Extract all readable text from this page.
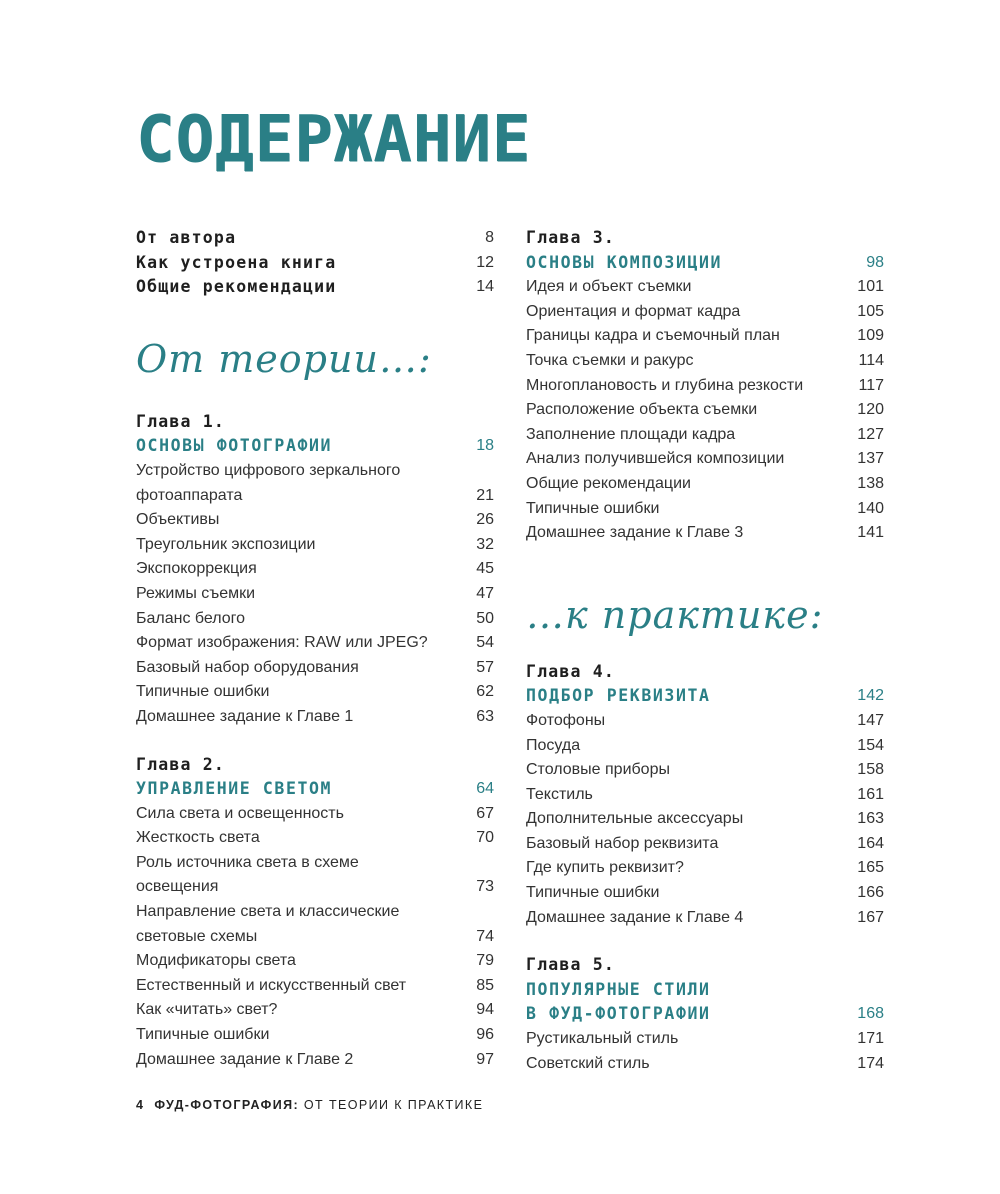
СОДЕРЖАНИЕ
От автора	8
Как устроена книга	12
Общие рекомендации	14
От теории…:
Глава 1.
ОСНОВЫ ФОТОГРАФИИ	18
Устройство цифрового зеркального
фотоаппарата	21
Объективы	26
Треугольник экспозиции	32
Экспокоррекция	45
Режимы съемки	47
Баланс белого	50
Формат изображения: RAW или JPEG?	54
Базовый набор оборудования	57
Типичные ошибки	62
Домашнее задание к Главе 1	63
Глава 2.
УПРАВЛЕНИЕ СВЕТОМ	64
Сила света и освещенность	67
Жесткость света	70
Роль источника света в схеме
освещения	73
Направление света и классические
световые схемы	74
Модификаторы света	79
Естественный и искусственный свет	85
Как «читать» свет?	94
Типичные ошибки	96
Домашнее задание к Главе 2	97
Глава 3.
ОСНОВЫ КОМПОЗИЦИИ	98
Идея и объект съемки	101
Ориентация и формат кадра	105
Границы кадра и съемочный план	109
Точка съемки и ракурс	114
Многоплановость и глубина резкости	117
Расположение объекта съемки	120
Заполнение площади кадра	127
Анализ получившейся композиции	137
Общие рекомендации	138
Типичные ошибки	140
Домашнее задание к Главе 3	141
…к практике:
Глава 4.
ПОДБОР РЕКВИЗИТА	142
Фотофоны	147
Посуда	154
Столовые приборы	158
Текстиль	161
Дополнительные аксессуары	163
Базовый набор реквизита	164
Где купить реквизит?	165
Типичные ошибки	166
Домашнее задание к Главе 4	167
Глава 5.
ПОПУЛЯРНЫЕ СТИЛИ
В ФУД-ФОТОГРАФИИ	168
Рустикальный стиль	171
Советский стиль	174
4 ФУД-ФОТОГРАФИЯ: ОТ ТЕОРИИ К ПРАКТИКЕ
